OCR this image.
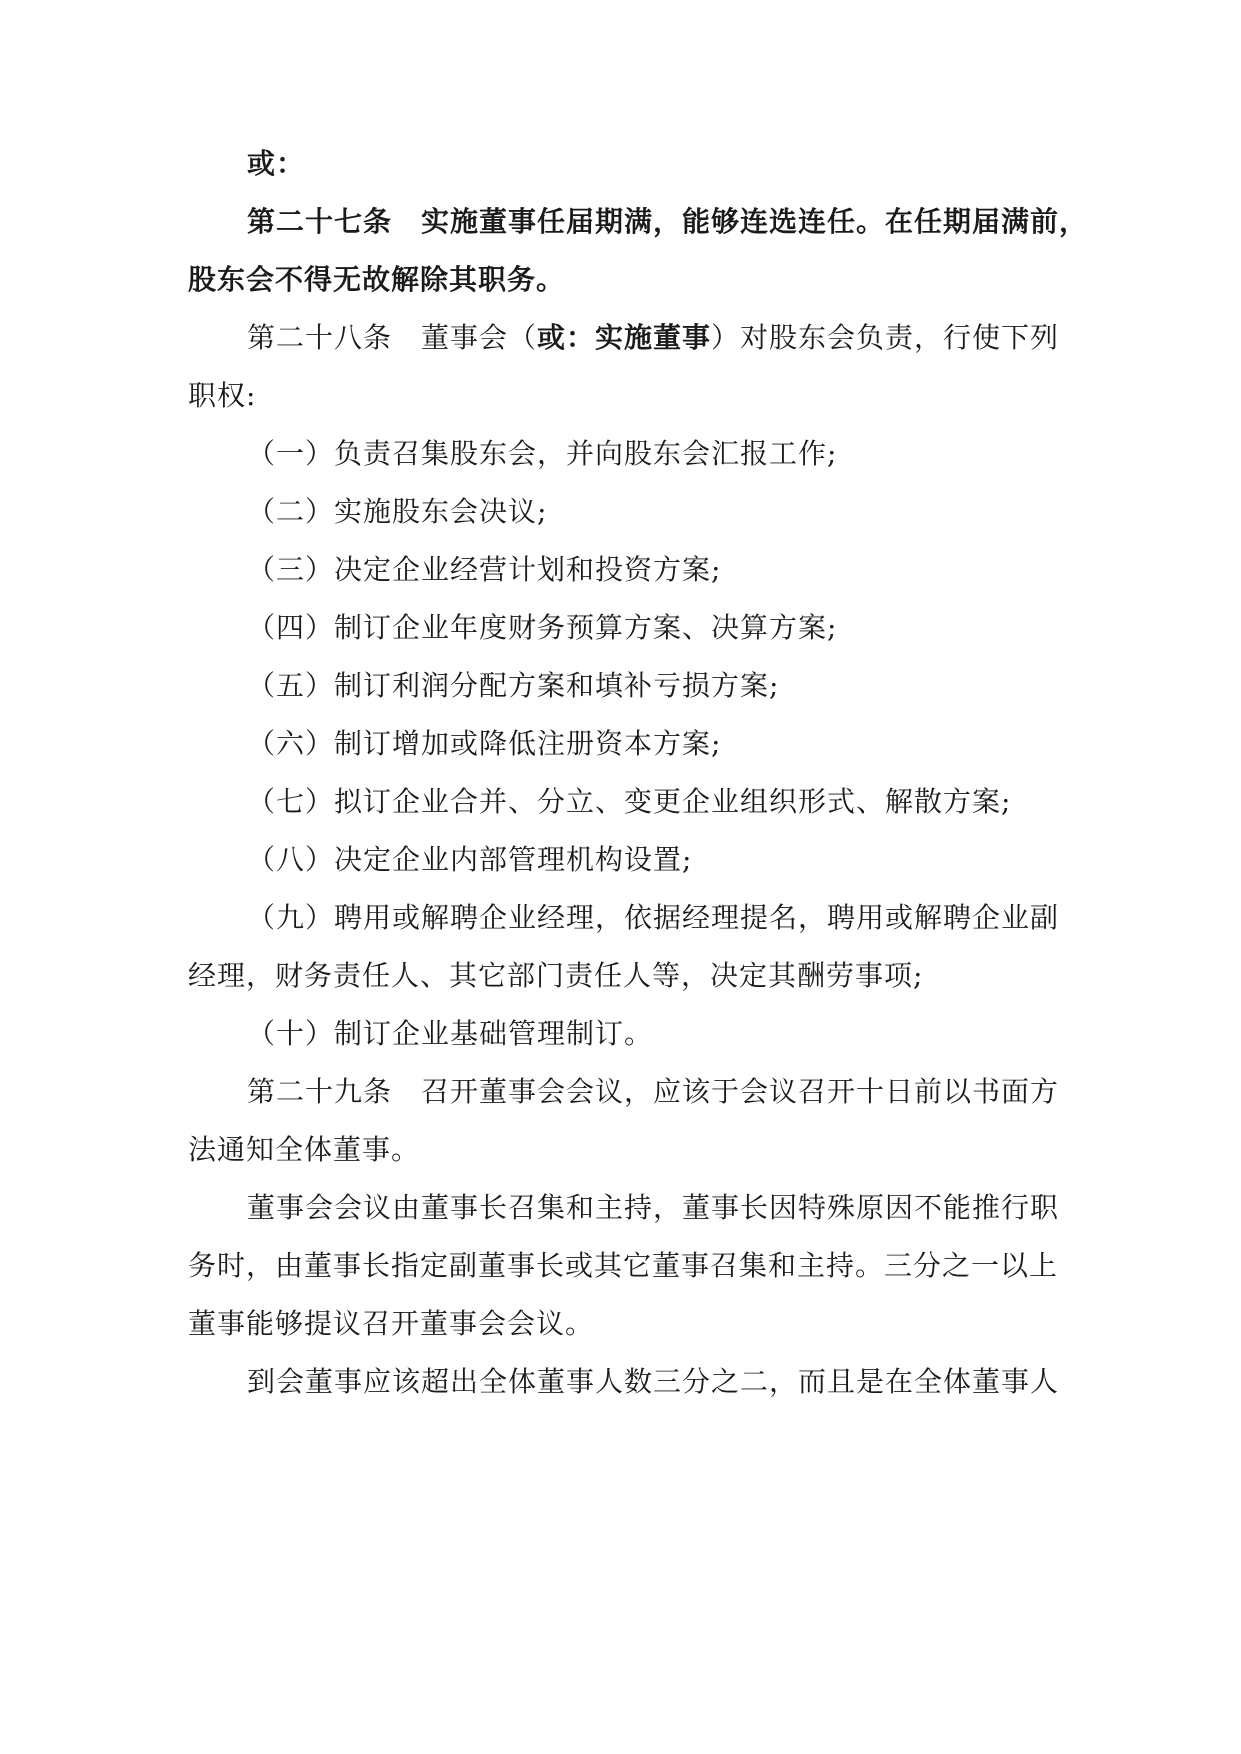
或：
第二十七条　实施董事任届期满，能够连选连任。在任期届满前，
股东会不得无故解除其职务。
第二十八条　董事会（或：实施董事）对股东会负责，行使下列
职权:
（一）负责召集股东会，并向股东会汇报工作;
（二）实施股东会决议;
（三）决定企业经营计划和投资方案;
（四）制订企业年度财务预算方案、决算方案;
（五）制订利润分配方案和填补亏损方案;
（六）制订增加或降低注册资本方案;
（七）拟订企业合并、分立、变更企业组织形式、解散方案;
（八）决定企业内部管理机构设置;
（九）聘用或解聘企业经理，依据经理提名，聘用或解聘企业副
经理，财务责任人、其它部门责任人等，决定其酬劳事项;
（十）制订企业基础管理制订。
第二十九条　召开董事会会议，应该于会议召开十日前以书面方
法通知全体董事。
董事会会议由董事长召集和主持，董事长因特殊原因不能推行职
务时，由董事长指定副董事长或其它董事召集和主持。三分之一以上
董事能够提议召开董事会会议。
到会董事应该超出全体董事人数三分之二，而且是在全体董事人
